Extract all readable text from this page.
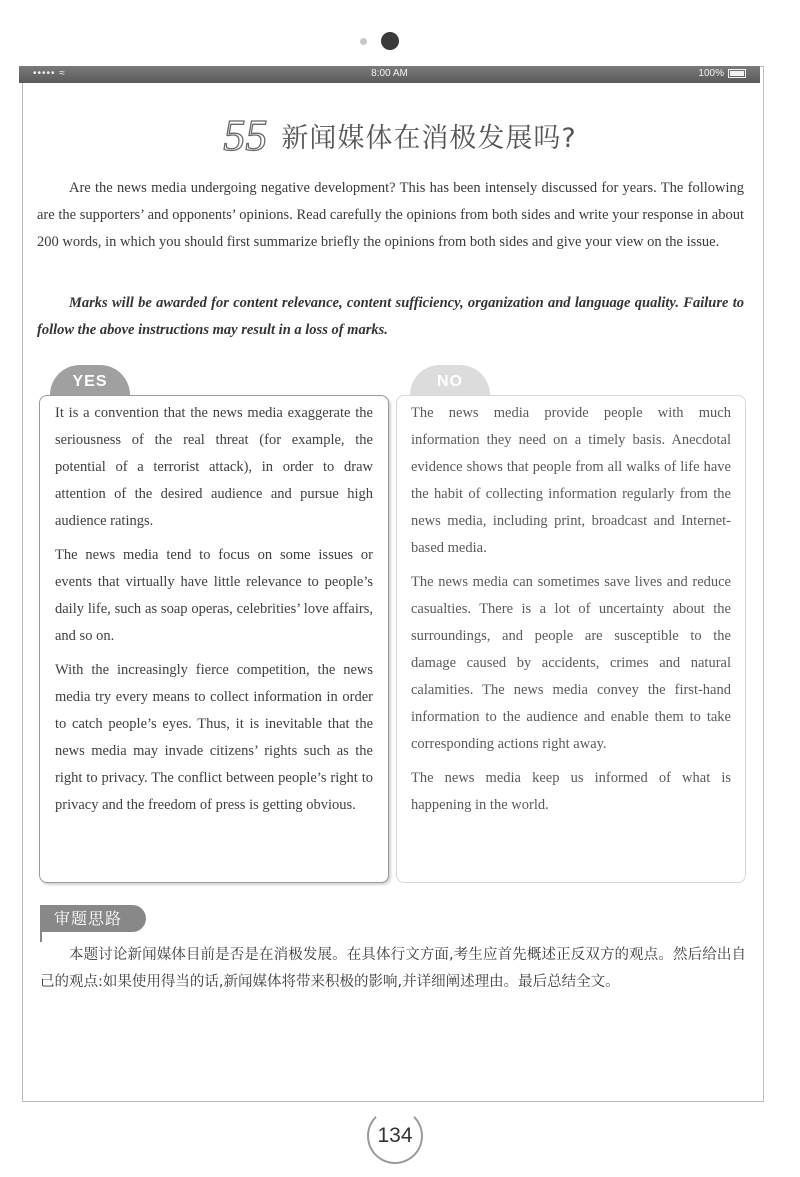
••••• ≈	8:00 AM	100%
55 新闻媒体在消极发展吗?

Are the news media undergoing negative development? This has been intensely discussed for years. The following are the supporters’ and opponents’ opinions. Read carefully the opinions from both sides and write your response in about 200 words, in which you should first summarize briefly the opinions from both sides and give your view on the issue.

Marks will be awarded for content relevance, content sufficiency, organization and language quality. Failure to follow the above instructions may result in a loss of marks.

YES	NO

It is a convention that the news media exaggerate the seriousness of the real threat (for example, the potential of a terrorist attack), in order to draw attention of the desired audience and pursue high audience ratings.

The news media tend to focus on some issues or events that virtually have little relevance to people’s daily life, such as soap operas, celebrities’ love affairs, and so on.

With the increasingly fierce competition, the news media try every means to collect information in order to catch people’s eyes. Thus, it is inevitable that the news media may invade citizens’ rights such as the right to privacy. The conflict between people’s right to privacy and the freedom of press is getting obvious.

The news media provide people with much information they need on a timely basis. Anecdotal evidence shows that people from all walks of life have the habit of collecting information regularly from the news media, including print, broadcast and Internet-based media.

The news media can sometimes save lives and reduce casualties. There is a lot of uncertainty about the surroundings, and people are susceptible to the damage caused by accidents, crimes and natural calamities. The news media convey the first-hand information to the audience and enable them to take corresponding actions right away.

The news media keep us informed of what is happening in the world.

审题思路

本题讨论新闻媒体目前是否是在消极发展。在具体行文方面,考生应首先概述正反双方的观点。然后给出自己的观点:如果使用得当的话,新闻媒体将带来积极的影响,并详细阐述理由。最后总结全文。

134
